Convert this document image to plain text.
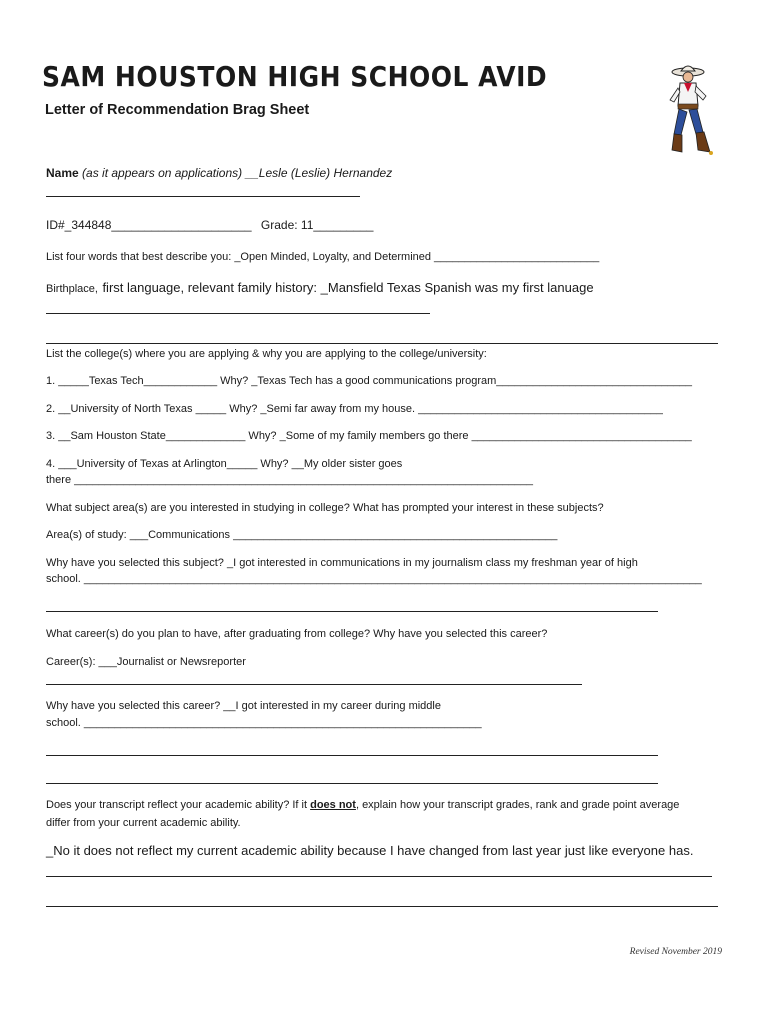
SAM HOUSTON HIGH SCHOOL AVID
Letter of Recommendation Brag Sheet
Name (as it appears on applications) __Lesle (Leslie) Hernandez
ID#_344848_____________________ Grade: 11_________
List four words that best describe you: _Open Minded, Loyalty, and Determined ___________________________
Birthplace, first language, relevant family history: _Mansfield Texas Spanish was my first lanuage
List the college(s) where you are applying & why you are applying to the college/university:
1. _____Texas Tech____________ Why? _Texas Tech has a good communications program________________________________
2. __University of North Texas _____ Why? _Semi far away from my house. ________________________________________
3. __Sam Houston State_____________ Why? _Some of my family members go there ____________________________________
4. ___University of Texas at Arlington_____ Why? __My older sister goes
there ___________________________________________________________________________
What subject area(s) are you interested in studying in college? What has prompted your interest in these subjects?
Area(s) of study: ___Communications _____________________________________________________
Why have you selected this subject? _I got interested in communications in my journalism class my freshman year of high
school. _____________________________________________________________________________________________________
What career(s) do you plan to have, after graduating from college? Why have you selected this career?
Career(s): ___Journalist or Newsreporter
Why have you selected this career? __I got interested in my career during middle
school. _________________________________________________________________
Does your transcript reflect your academic ability? If it does not, explain how your transcript grades, rank and grade point average
differ from your current academic ability.
_No it does not reflect my current academic ability because I have changed from last year just like everyone has.
Revised November 2019
